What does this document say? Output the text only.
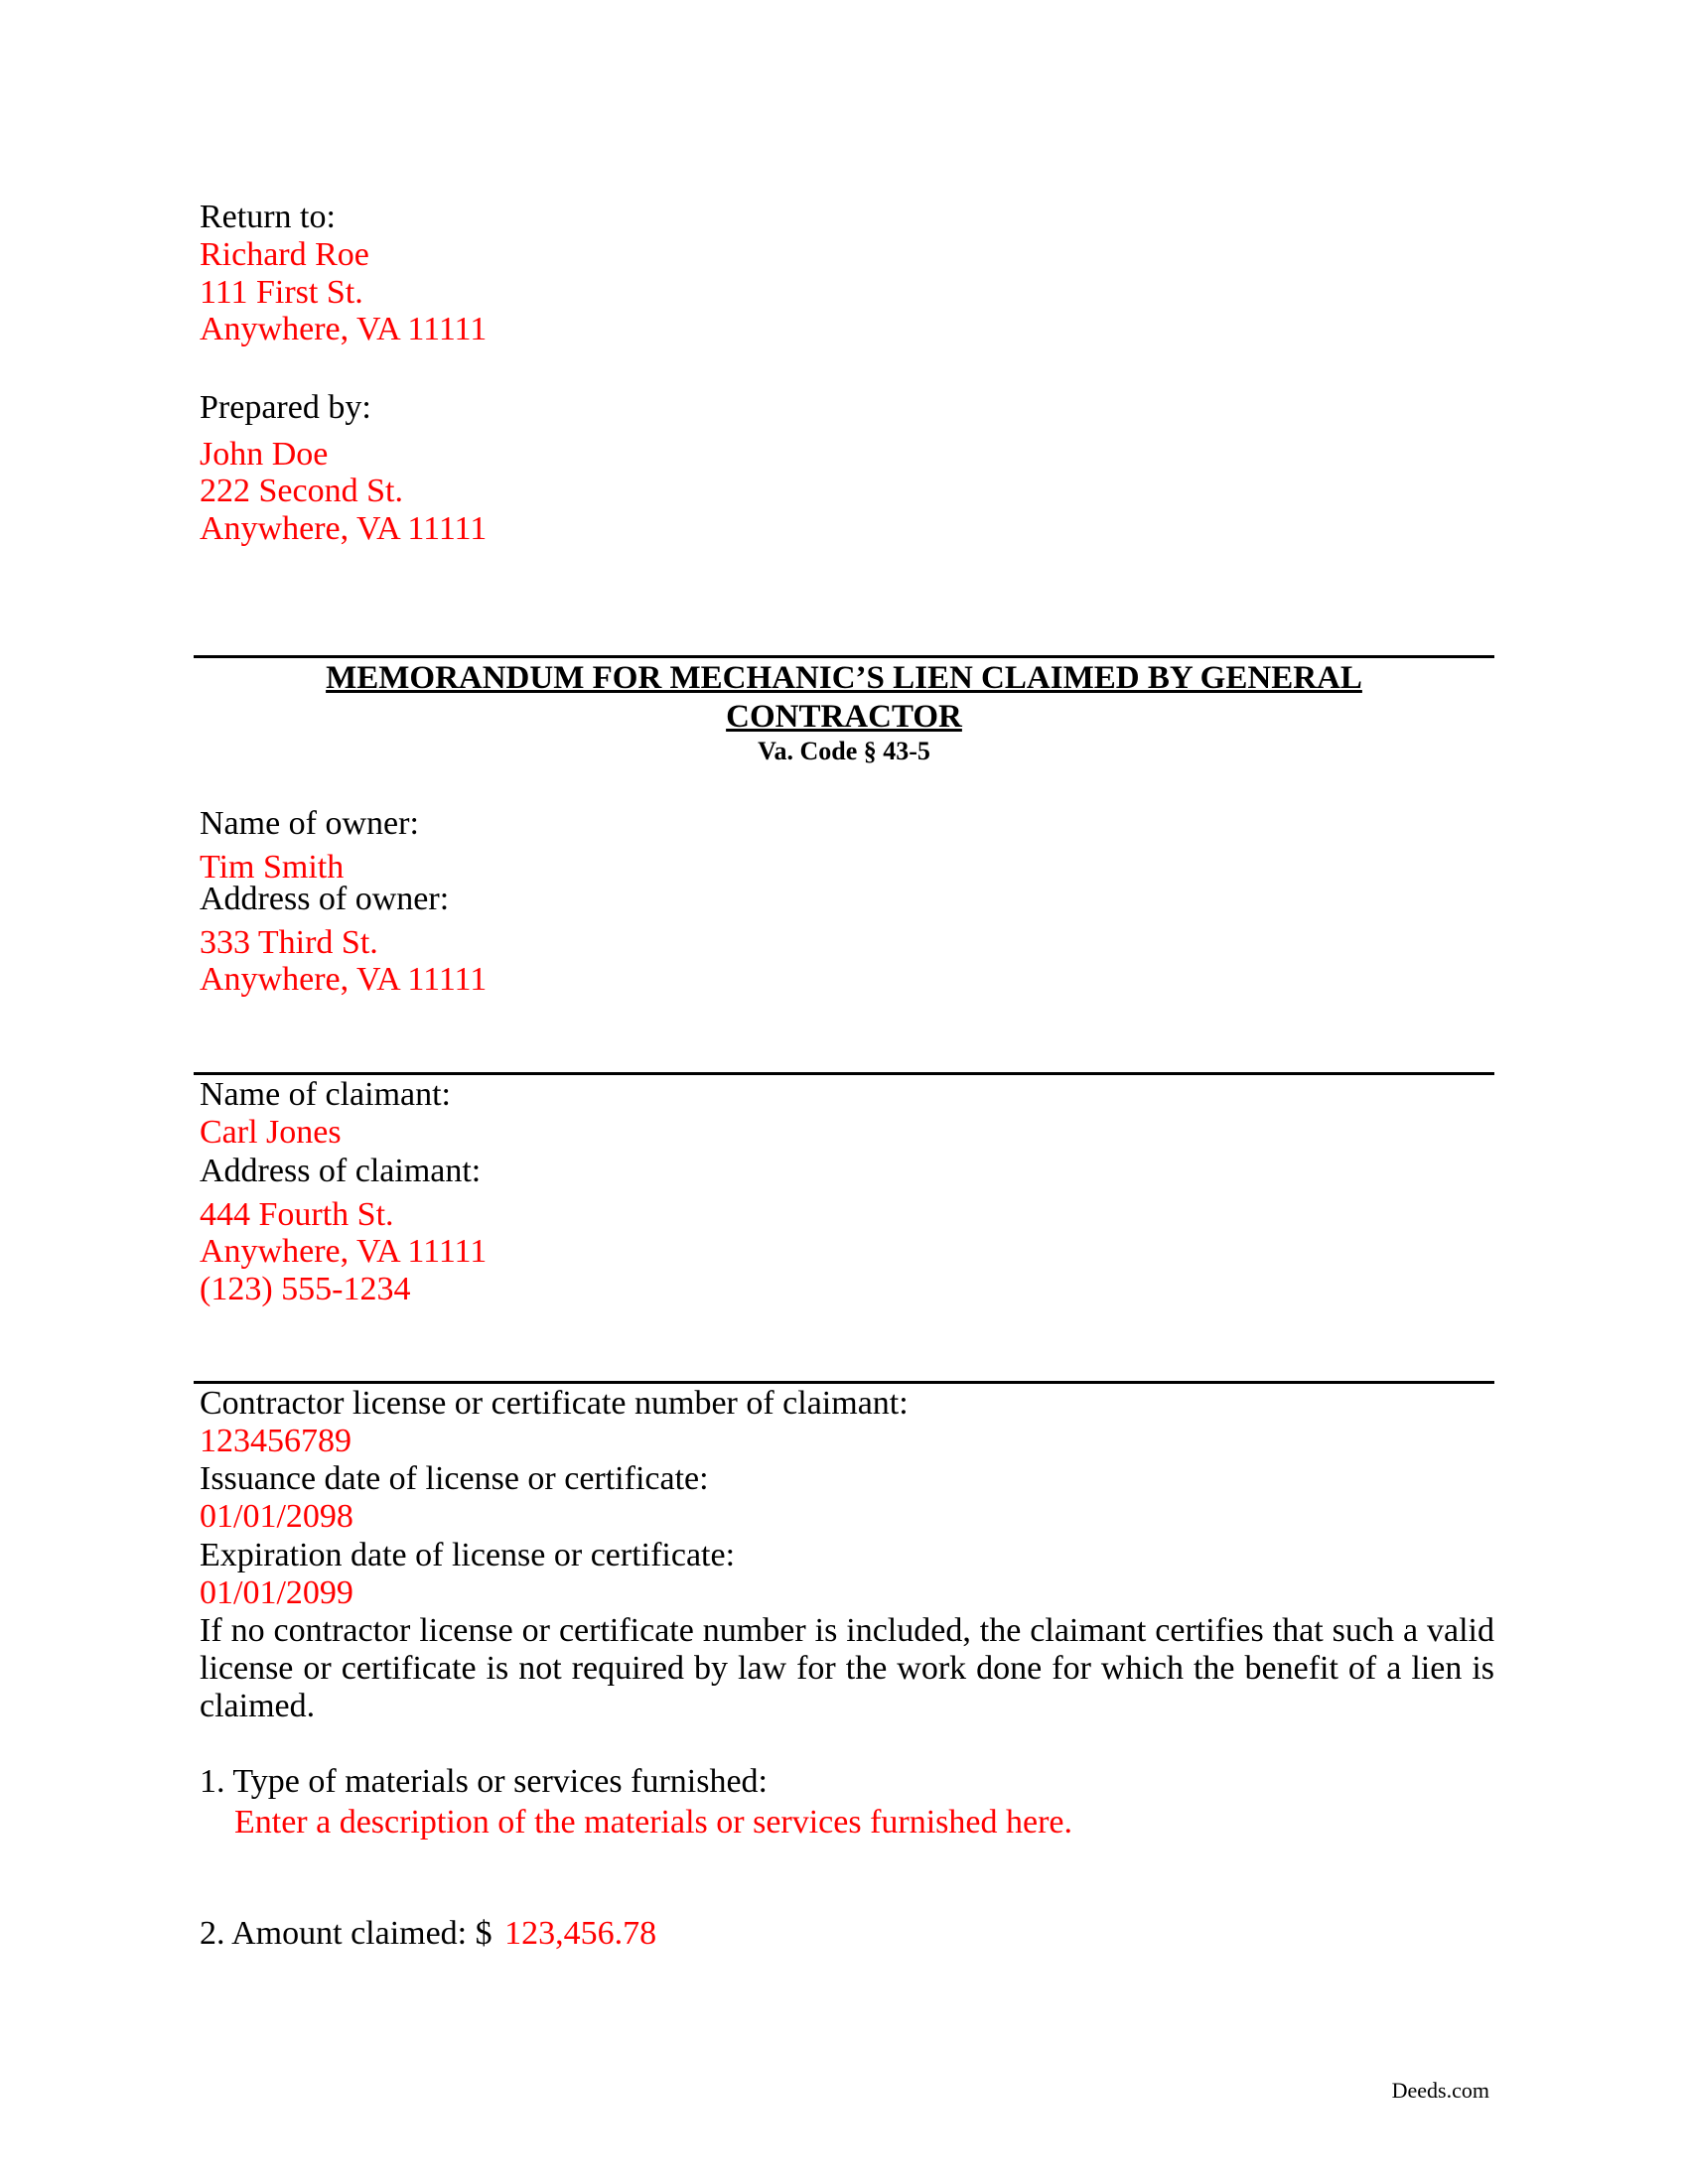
Return to:
Richard Roe
111 First St.
Anywhere, VA 11111
Prepared by:
John Doe
222 Second St.
Anywhere, VA 11111
MEMORANDUM FOR MECHANIC’S LIEN CLAIMED BY GENERAL
CONTRACTOR
Va. Code § 43-5
Name of owner:
Tim Smith
Address of owner:
333 Third St.
Anywhere, VA 11111
Name of claimant:
Carl Jones
Address of claimant:
444 Fourth St.
Anywhere, VA 11111
(123) 555-1234
Contractor license or certificate number of claimant:
123456789
Issuance date of license or certificate:
01/01/2098
Expiration date of license or certificate:
01/01/2099
If no contractor license or certificate number is included, the claimant certifies that such a valid license or certificate is not required by law for the work done for which the benefit of a lien is claimed.
1. Type of materials or services furnished:
Enter a description of the materials or services furnished here.
2. Amount claimed: $ 123,456.78
Deeds.com
